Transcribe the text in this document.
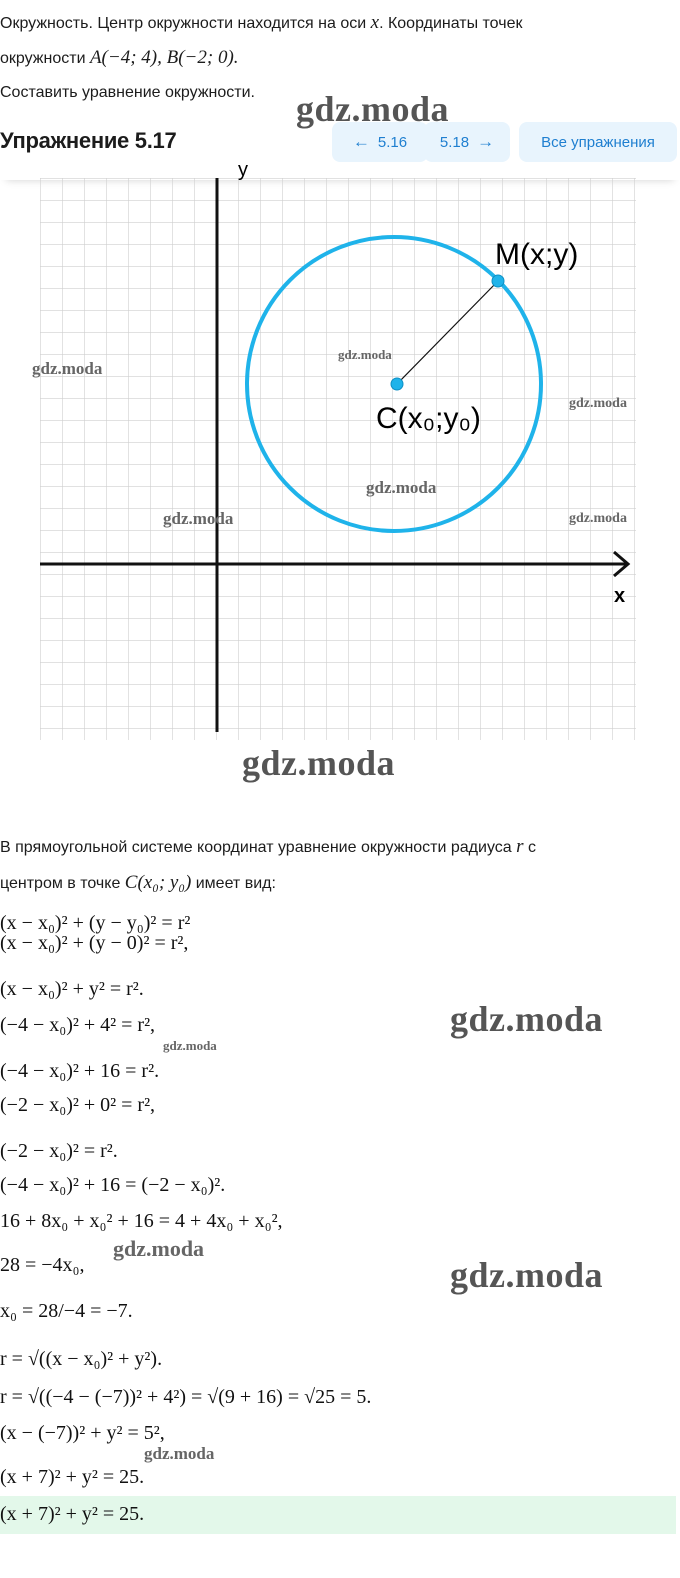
Окружность. Центр окружности находится на оси x. Координаты точек
окружности A(−4; 4), B(−2; 0).
Составить уравнение окружности.
Упражнение 5.17	← 5.16 5.18 →	Все упражнения
gdz.moda
y
x
M(x;y)
C(x₀;y₀)
gdz.moda
gdz.moda
gdz.moda
gdz.moda
gdz.moda	gdz.moda
gdz.moda
В прямоугольной системе координат уравнение окружности радиуса r с
центром в точке C(x₀; y₀) имеет вид:
(x − x₀)² + (y − y₀)² = r²
(x − x₀)² + (y − 0)² = r²,
(x − x₀)² + y² = r².
(−4 − x₀)² + 4² = r²,
(−4 − x₀)² + 16 = r².
(−2 − x₀)² + 0² = r²,
(−2 − x₀)² = r².
(−4 − x₀)² + 16 = (−2 − x₀)².
16 + 8x₀ + x₀² + 16 = 4 + 4x₀ + x₀²,
28 = −4x₀,
x₀ = 28/−4 = −7.
r = √((x − x₀)² + y²).
r = √((−4 − (−7))² + 4²) = √(9 + 16) = √25 = 5.
(x − (−7))² + y² = 5²,
(x + 7)² + y² = 25.
(x + 7)² + y² = 25.
gdz.moda
gdz.moda
gdz.moda
gdz.moda
gdz.moda
